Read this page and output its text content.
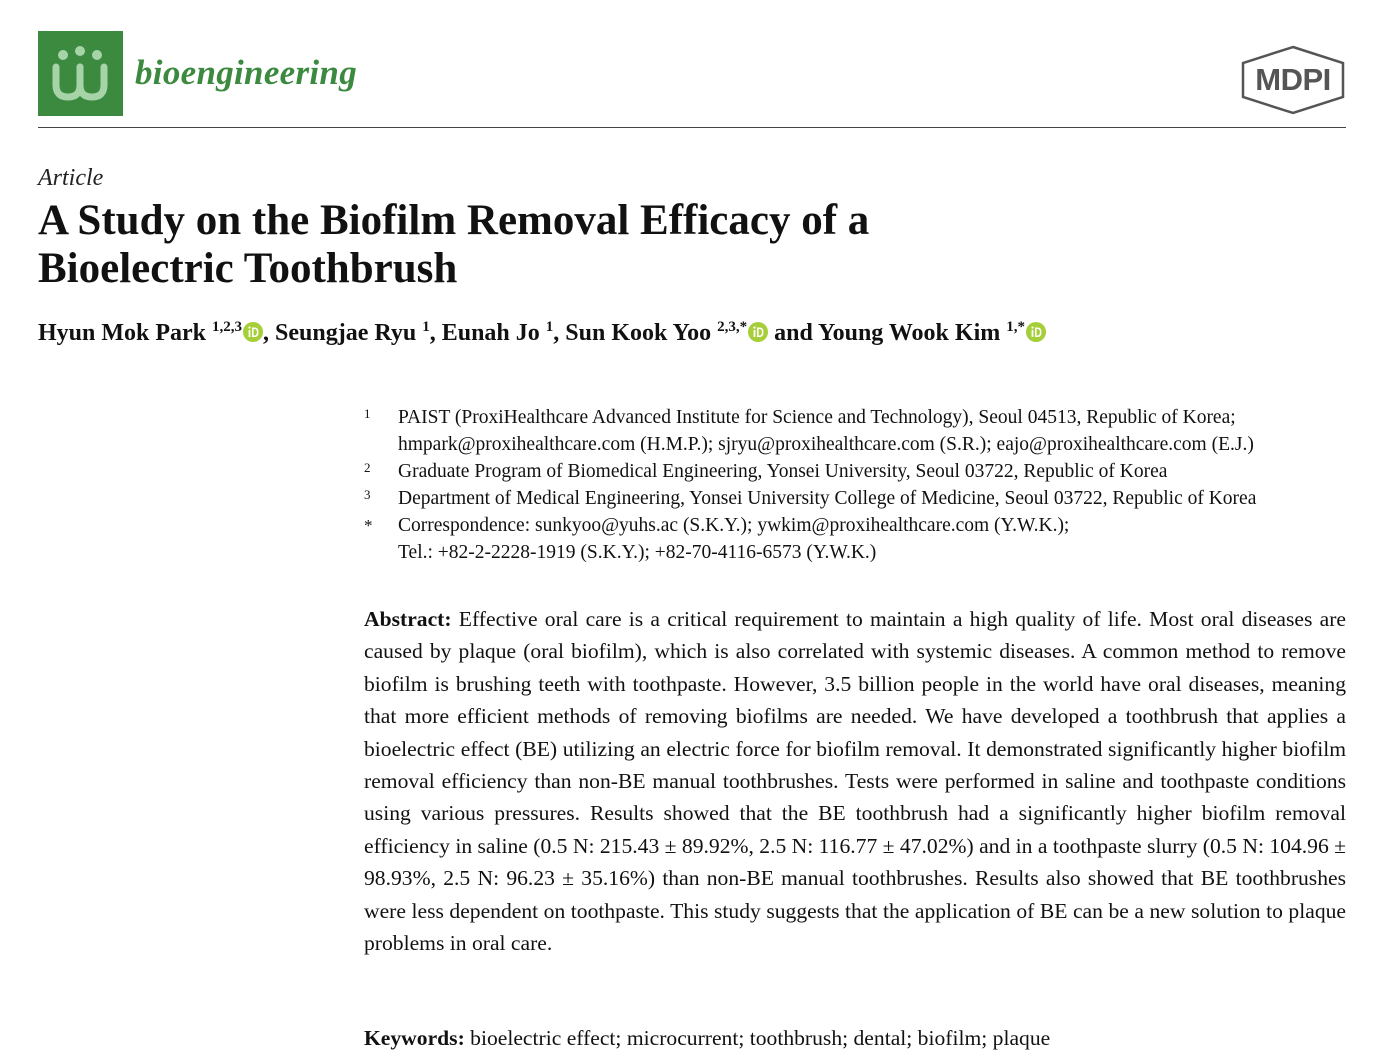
bioengineering	MDPI
Article
A Study on the Biofilm Removal Efficacy of a Bioelectric Toothbrush
Hyun Mok Park $^{1,2,3}$ , Seungjae Ryu $^1$, Eunah Jo $^1$, Sun Kook Yoo $^{2,3,*}$ and Young Wook Kim $^{1,*}$
1 PAIST (ProxiHealthcare Advanced Institute for Science and Technology), Seoul 04513, Republic of Korea;
hmpark@proxihealthcare.com (H.M.P.); sjryu@proxihealthcare.com (S.R.); eajo@proxihealthcare.com (E.J.)
2 Graduate Program of Biomedical Engineering, Yonsei University, Seoul 03722, Republic of Korea
3 Department of Medical Engineering, Yonsei University College of Medicine, Seoul 03722, Republic of Korea
* Correspondence: sunkyoo@yuhs.ac (S.K.Y.); ywkim@proxihealthcare.com (Y.W.K.);
Tel.: +82-2-2228-1919 (S.K.Y.); +82-70-4116-6573 (Y.W.K.)

Abstract: Effective oral care is a critical requirement to maintain a high quality of life. Most oral diseases are caused by plaque (oral biofilm), which is also correlated with systemic diseases. A common method to remove biofilm is brushing teeth with toothpaste. However, 3.5 billion people in the world have oral diseases, meaning that more efficient methods of removing biofilms are needed. We have developed a toothbrush that applies a bioelectric effect (BE) utilizing an electric force for biofilm removal. It demonstrated significantly higher biofilm removal efficiency than non-BE manual toothbrushes. Tests were performed in saline and toothpaste conditions using various pressures. Results showed that the BE toothbrush had a significantly higher biofilm removal efficiency in saline (0.5 N: 215.43 ± 89.92%, 2.5 N: 116.77 ± 47.02%) and in a toothpaste slurry (0.5 N: 104.96 ± 98.93%, 2.5 N: 96.23 ± 35.16%) than non-BE manual toothbrushes. Results also showed that BE toothbrushes were less dependent on toothpaste. This study suggests that the application of BE can be a new solution to plaque problems in oral care.

Keywords: bioelectric effect; microcurrent; toothbrush; dental; biofilm; plaque
